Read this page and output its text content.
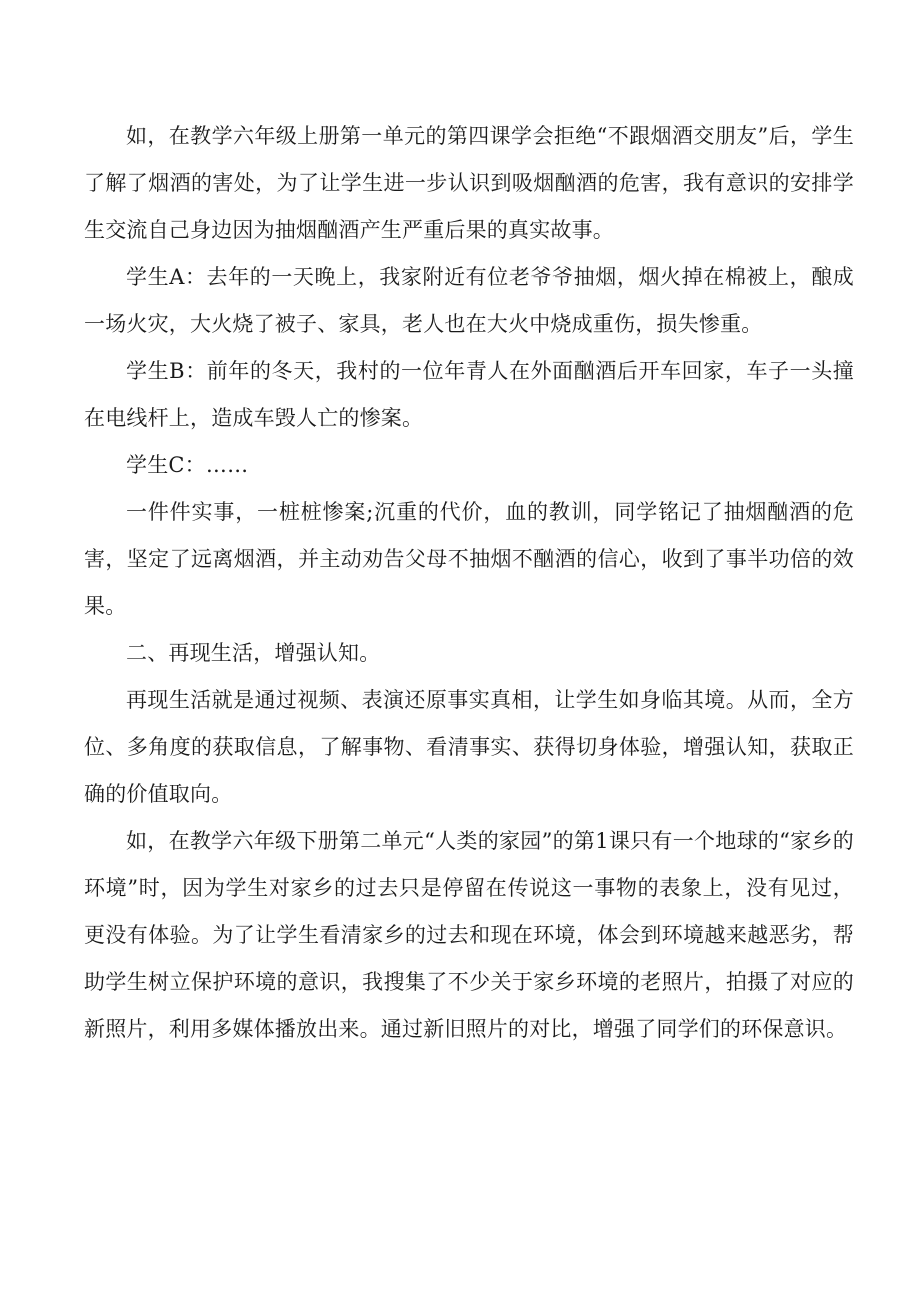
如，在教学六年级上册第一单元的第四课学会拒绝“不跟烟酒交朋友”后，学生了解了烟酒的害处，为了让学生进一步认识到吸烟酗酒的危害，我有意识的安排学生交流自己身边因为抽烟酗酒产生严重后果的真实故事。

学生A：去年的一天晚上，我家附近有位老爷爷抽烟，烟火掉在棉被上，酿成一场火灾，大火烧了被子、家具，老人也在大火中烧成重伤，损失惨重。

学生B：前年的冬天，我村的一位年青人在外面酗酒后开车回家，车子一头撞在电线杆上，造成车毁人亡的惨案。

学生C：……

一件件实事，一桩桩惨案;沉重的代价，血的教训，同学铭记了抽烟酗酒的危害，坚定了远离烟酒，并主动劝告父母不抽烟不酗酒的信心，收到了事半功倍的效果。

二、再现生活，增强认知。

再现生活就是通过视频、表演还原事实真相，让学生如身临其境。从而，全方位、多角度的获取信息，了解事物、看清事实、获得切身体验，增强认知，获取正确的价值取向。

如，在教学六年级下册第二单元“人类的家园”的第1课只有一个地球的“家乡的环境”时，因为学生对家乡的过去只是停留在传说这一事物的表象上，没有见过，更没有体验。为了让学生看清家乡的过去和现在环境，体会到环境越来越恶劣，帮助学生树立保护环境的意识，我搜集了不少关于家乡环境的老照片，拍摄了对应的新照片，利用多媒体播放出来。通过新旧照片的对比，增强了同学们的环保意识。
